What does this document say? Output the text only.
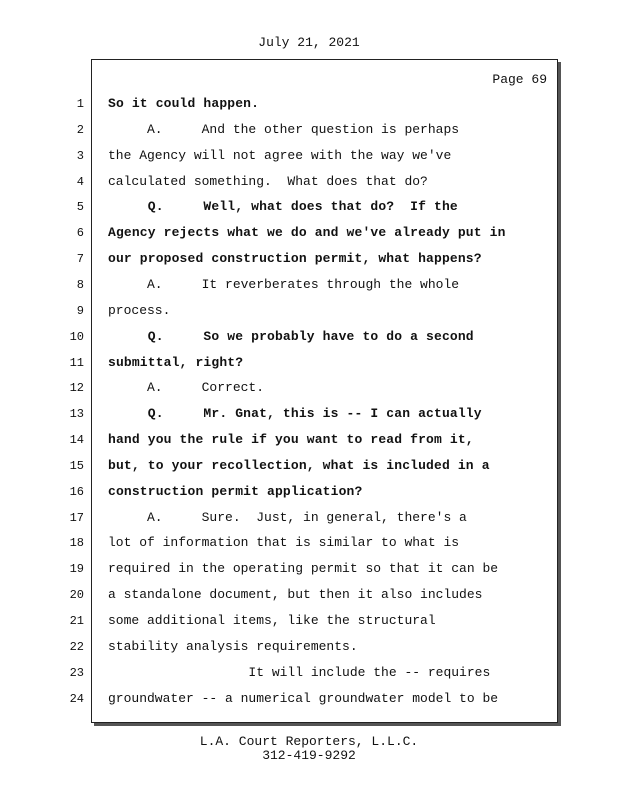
July 21, 2021
Page 69
1 So it could happen.
2 A.     And the other question is perhaps
3 the Agency will not agree with the way we've
4 calculated something.  What does that do?
5 Q.     Well, what does that do?  If the
6 Agency rejects what we do and we've already put in
7 our proposed construction permit, what happens?
8 A.     It reverberates through the whole
9 process.
10 Q.     So we probably have to do a second
11 submittal, right?
12 A.     Correct.
13 Q.     Mr. Gnat, this is -- I can actually
14 hand you the rule if you want to read from it,
15 but, to your recollection, what is included in a
16 construction permit application?
17 A.     Sure.  Just, in general, there's a
18 lot of information that is similar to what is
19 required in the operating permit so that it can be
20 a standalone document, but then it also includes
21 some additional items, like the structural
22 stability analysis requirements.
23 It will include the -- requires
24 groundwater -- a numerical groundwater model to be
L.A. Court Reporters, L.L.C.
312-419-9292
